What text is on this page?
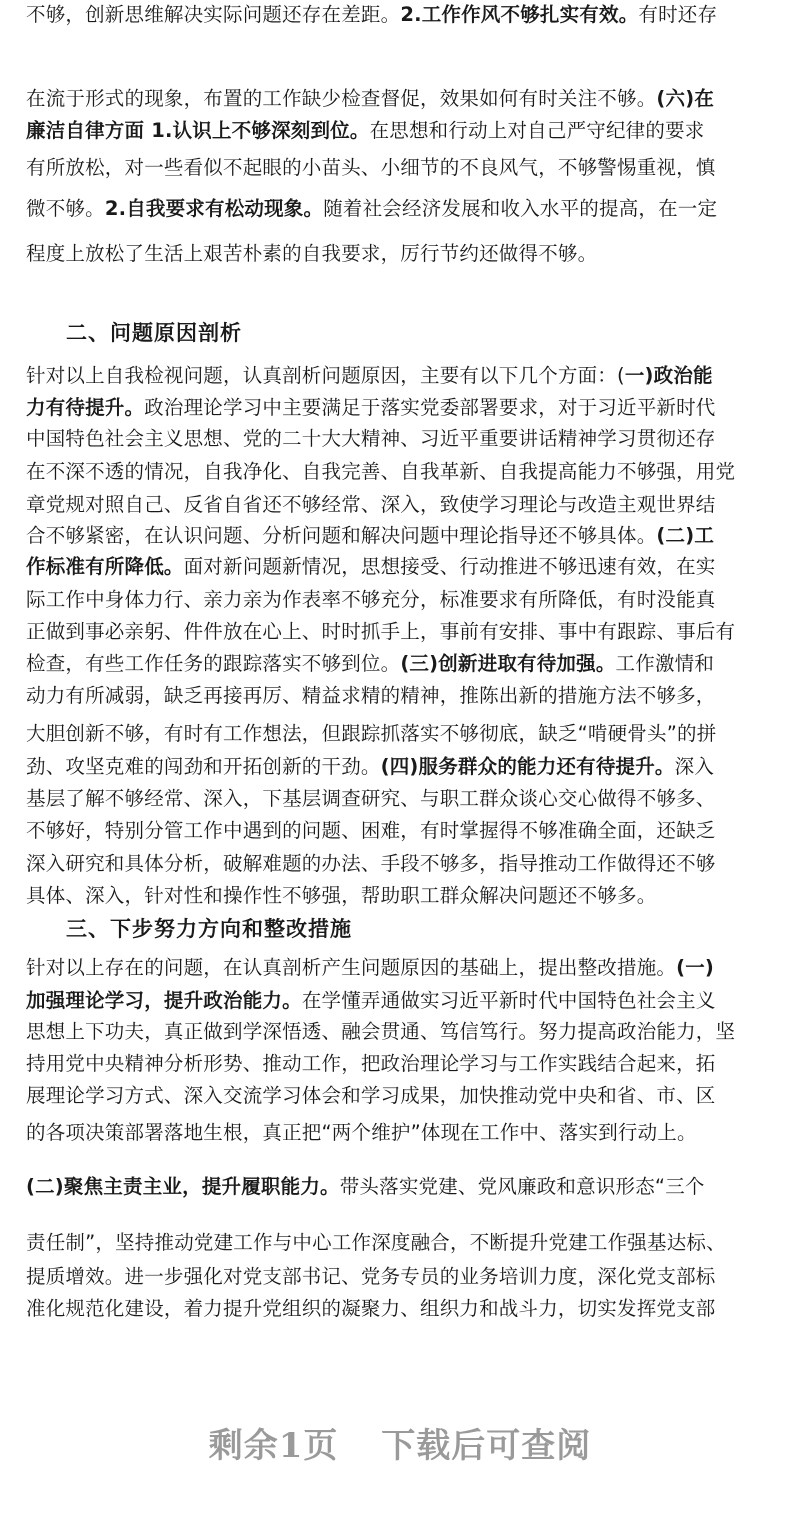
不够，创新思维解决实际问题还存在差距。2.工作作风不够扎实有效。有时还存
在流于形式的现象，布置的工作缺少检查督促，效果如何有时关注不够。(六)在
廉洁自律方面 1.认识上不够深刻到位。在思想和行动上对自己严守纪律的要求
有所放松，对一些看似不起眼的小苗头、小细节的不良风气，不够警惕重视，慎
微不够。2.自我要求有松动现象。随着社会经济发展和收入水平的提高，在一定
程度上放松了生活上艰苦朴素的自我要求，厉行节约还做得不够。
针对以上自我检视问题，认真剖析问题原因，主要有以下几个方面：(一)政治能
力有待提升。政治理论学习中主要满足于落实党委部署要求，对于习近平新时代
中国特色社会主义思想、党的二十大大精神、习近平重要讲话精神学习贯彻还存
在不深不透的情况，自我净化、自我完善、自我革新、自我提高能力不够强，用党
章党规对照自己、反省自省还不够经常、深入，致使学习理论与改造主观世界结
合不够紧密，在认识问题、分析问题和解决问题中理论指导还不够具体。(二)工
作标准有所降低。面对新问题新情况，思想接受、行动推进不够迅速有效，在实
际工作中身体力行、亲力亲为作表率不够充分，标准要求有所降低，有时没能真
正做到事必亲躬、件件放在心上、时时抓手上，事前有安排、事中有跟踪、事后有
检查，有些工作任务的跟踪落实不够到位。(三)创新进取有待加强。工作激情和
动力有所减弱，缺乏再接再厉、精益求精的精神，推陈出新的措施方法不够多，
大胆创新不够，有时有工作想法，但跟踪抓落实不够彻底，缺乏“啃硬骨头”的拼
劲、攻坚克难的闯劲和开拓创新的干劲。(四)服务群众的能力还有待提升。深入
基层了解不够经常、深入，下基层调查研究、与职工群众谈心交心做得不够多、
不够好，特别分管工作中遇到的问题、困难，有时掌握得不够准确全面，还缺乏
深入研究和具体分析，破解难题的办法、手段不够多，指导推动工作做得还不够
具体、深入，针对性和操作性不够强，帮助职工群众解决问题还不够多。
针对以上存在的问题，在认真剖析产生问题原因的基础上，提出整改措施。(一)
加强理论学习，提升政治能力。在学懂弄通做实习近平新时代中国特色社会主义
思想上下功夫，真正做到学深悟透、融会贯通、笃信笃行。努力提高政治能力，坚
持用党中央精神分析形势、推动工作，把政治理论学习与工作实践结合起来，拓
展理论学习方式、深入交流学习体会和学习成果，加快推动党中央和省、市、区
的各项决策部署落地生根，真正把“两个维护”体现在工作中、落实到行动上。
(二)聚焦主责主业，提升履职能力。带头落实党建、党风廉政和意识形态“三个
责任制”，坚持推动党建工作与中心工作深度融合，不断提升党建工作强基达标、
提质增效。进一步强化对党支部书记、党务专员的业务培训力度，深化党支部标
准化规范化建设，着力提升党组织的凝聚力、组织力和战斗力，切实发挥党支部
二、问题原因剖析
三、下步努力方向和整改措施
剩余1页 下载后可查阅
